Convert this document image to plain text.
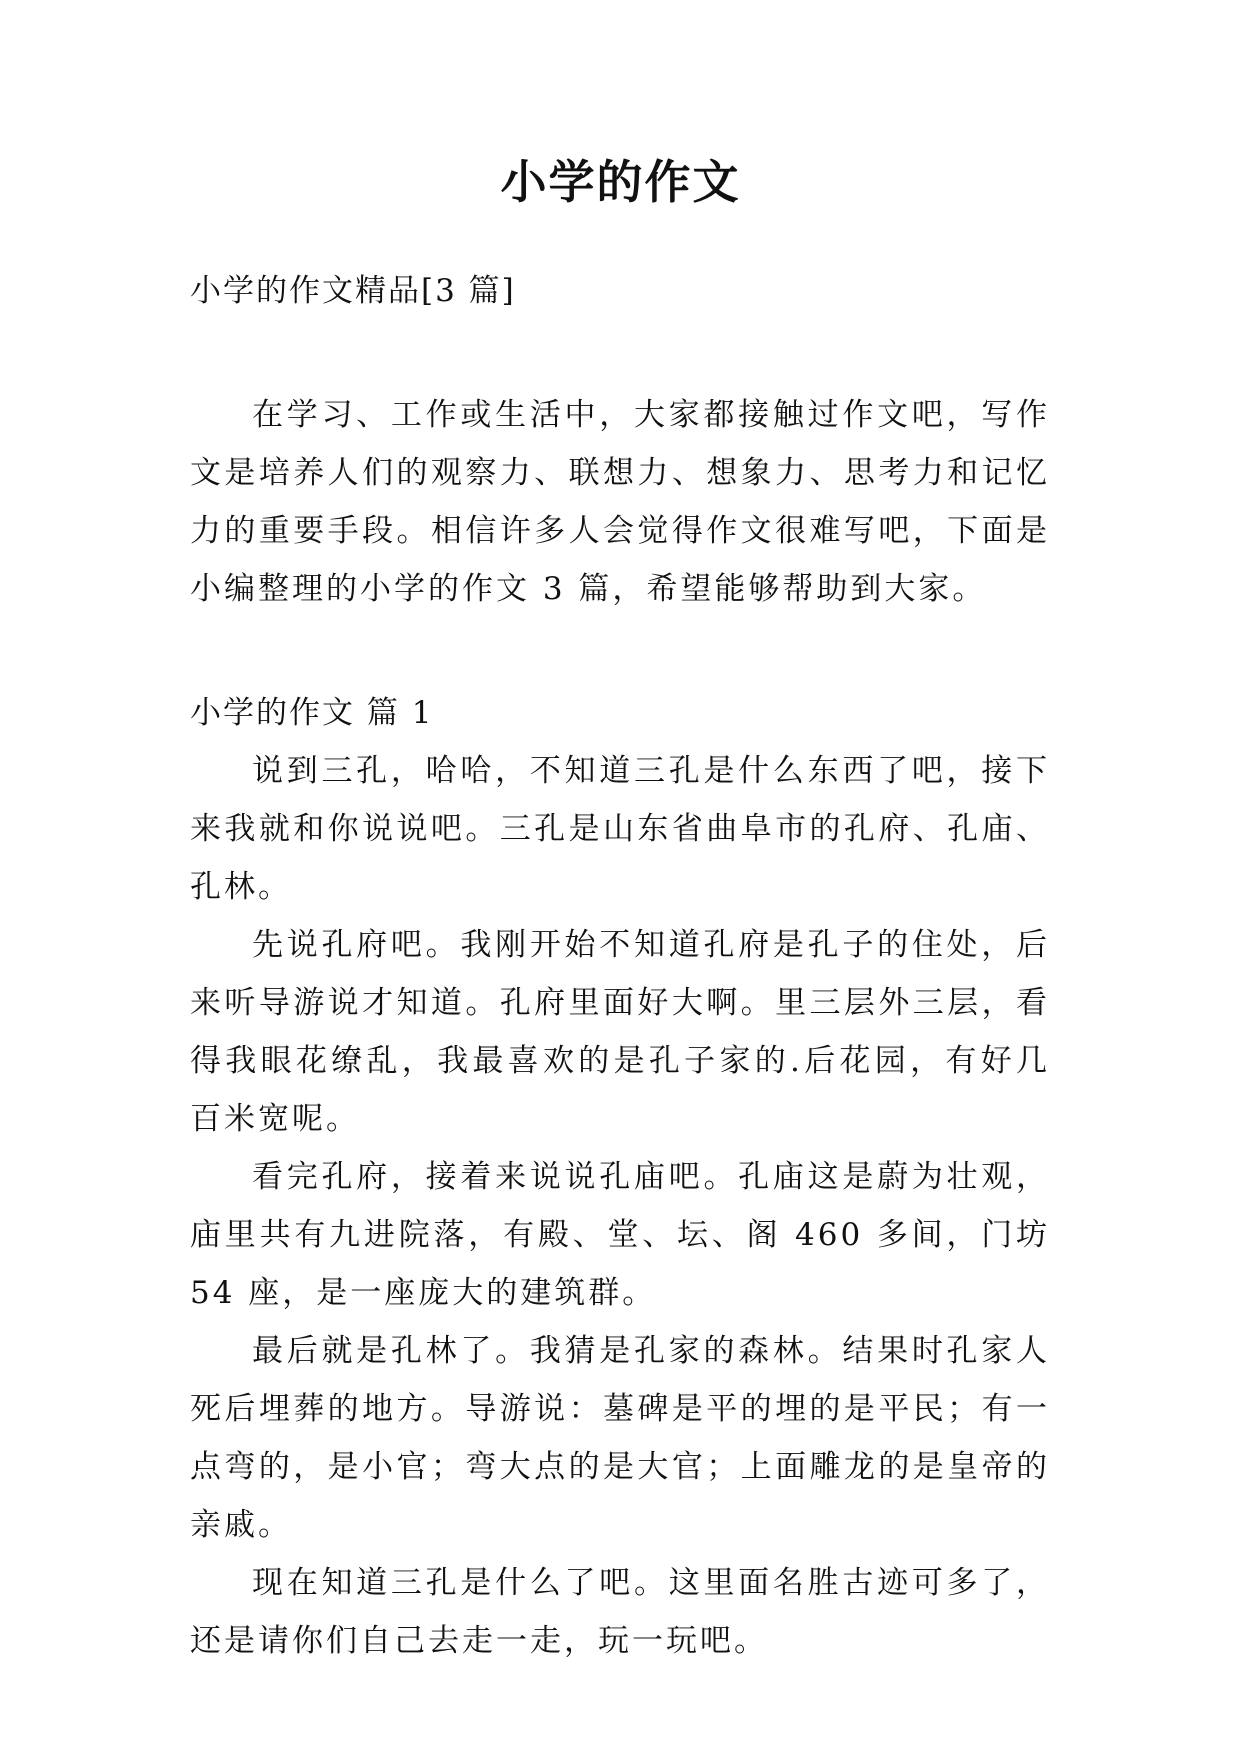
小学的作文

小学的作文精品[3 篇]

在学习、工作或生活中，大家都接触过作文吧，写作文是培养人们的观察力、联想力、想象力、思考力和记忆力的重要手段。相信许多人会觉得作文很难写吧，下面是小编整理的小学的作文 3 篇，希望能够帮助到大家。

小学的作文 篇 1

说到三孔，哈哈，不知道三孔是什么东西了吧，接下来我就和你说说吧。三孔是山东省曲阜市的孔府、孔庙、孔林。

先说孔府吧。我刚开始不知道孔府是孔子的住处，后来听导游说才知道。孔府里面好大啊。里三层外三层，看得我眼花缭乱，我最喜欢的是孔子家的.后花园，有好几百米宽呢。

看完孔府，接着来说说孔庙吧。孔庙这是蔚为壮观，庙里共有九进院落，有殿、堂、坛、阁 460 多间，门坊 54 座，是一座庞大的建筑群。

最后就是孔林了。我猜是孔家的森林。结果时孔家人死后埋葬的地方。导游说：墓碑是平的埋的是平民；有一点弯的，是小官；弯大点的是大官；上面雕龙的是皇帝的亲戚。

现在知道三孔是什么了吧。这里面名胜古迹可多了，还是请你们自己去走一走，玩一玩吧。
